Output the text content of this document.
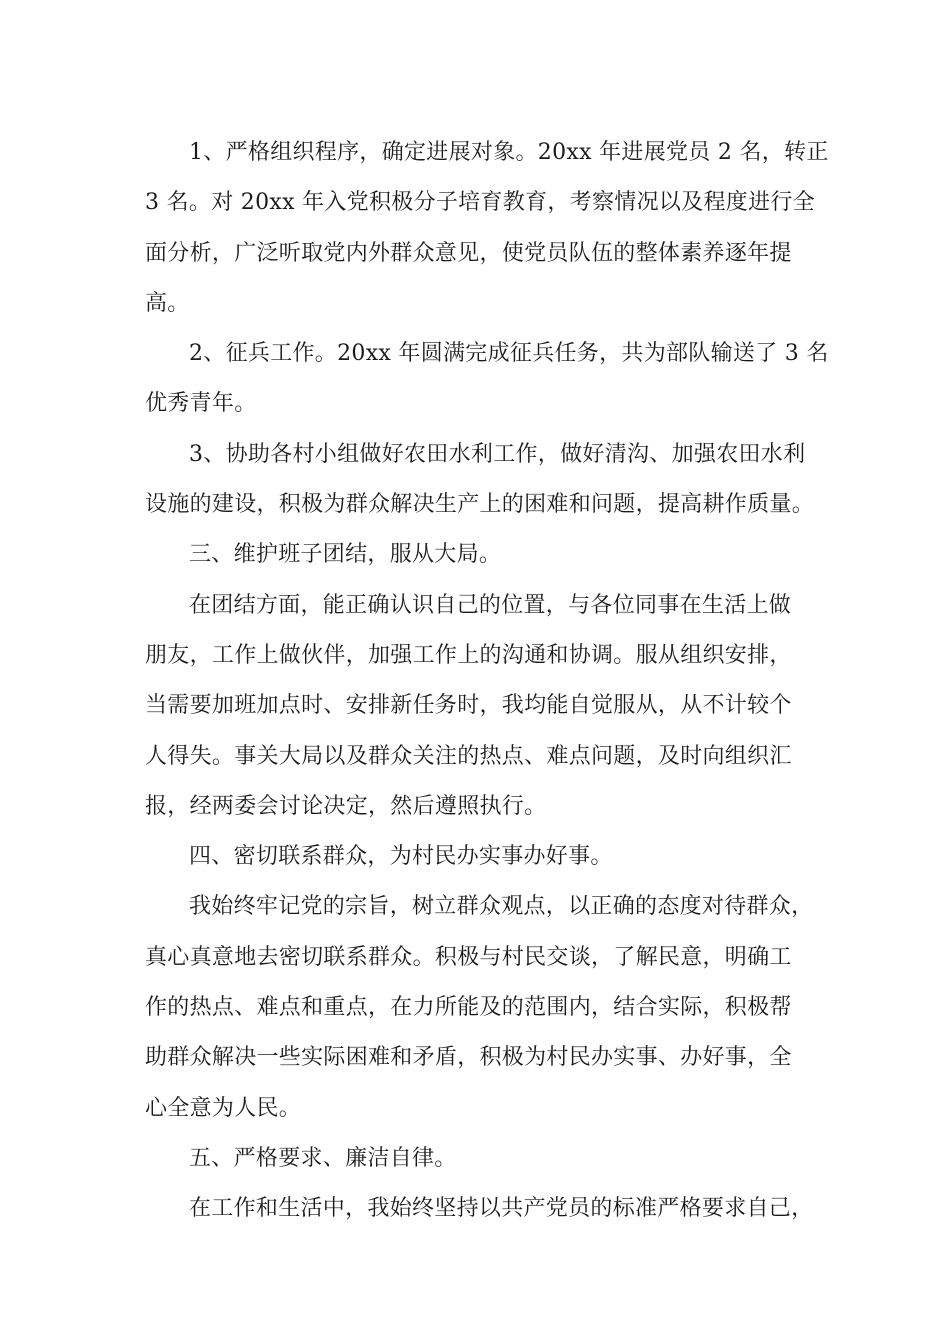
1、严格组织程序，确定进展对象。20xx 年进展党员 2 名，转正
3 名。对 20xx 年入党积极分子培育教育，考察情况以及程度进行全
面分析，广泛听取党内外群众意见，使党员队伍的整体素养逐年提
高。

2、征兵工作。20xx 年圆满完成征兵任务，共为部队输送了 3 名
优秀青年。

3、协助各村小组做好农田水利工作，做好清沟、加强农田水利
设施的建设，积极为群众解决生产上的困难和问题，提高耕作质量。

三、维护班子团结，服从大局。

在团结方面，能正确认识自己的位置，与各位同事在生活上做
朋友，工作上做伙伴，加强工作上的沟通和协调。服从组织安排，
当需要加班加点时、安排新任务时，我均能自觉服从，从不计较个
人得失。事关大局以及群众关注的热点、难点问题，及时向组织汇
报，经两委会讨论决定，然后遵照执行。

四、密切联系群众，为村民办实事办好事。

我始终牢记党的宗旨，树立群众观点，以正确的态度对待群众，
真心真意地去密切联系群众。积极与村民交谈，了解民意，明确工
作的热点、难点和重点，在力所能及的范围内，结合实际，积极帮
助群众解决一些实际困难和矛盾，积极为村民办实事、办好事，全
心全意为人民。

五、严格要求、廉洁自律。

在工作和生活中，我始终坚持以共产党员的标准严格要求自己，
